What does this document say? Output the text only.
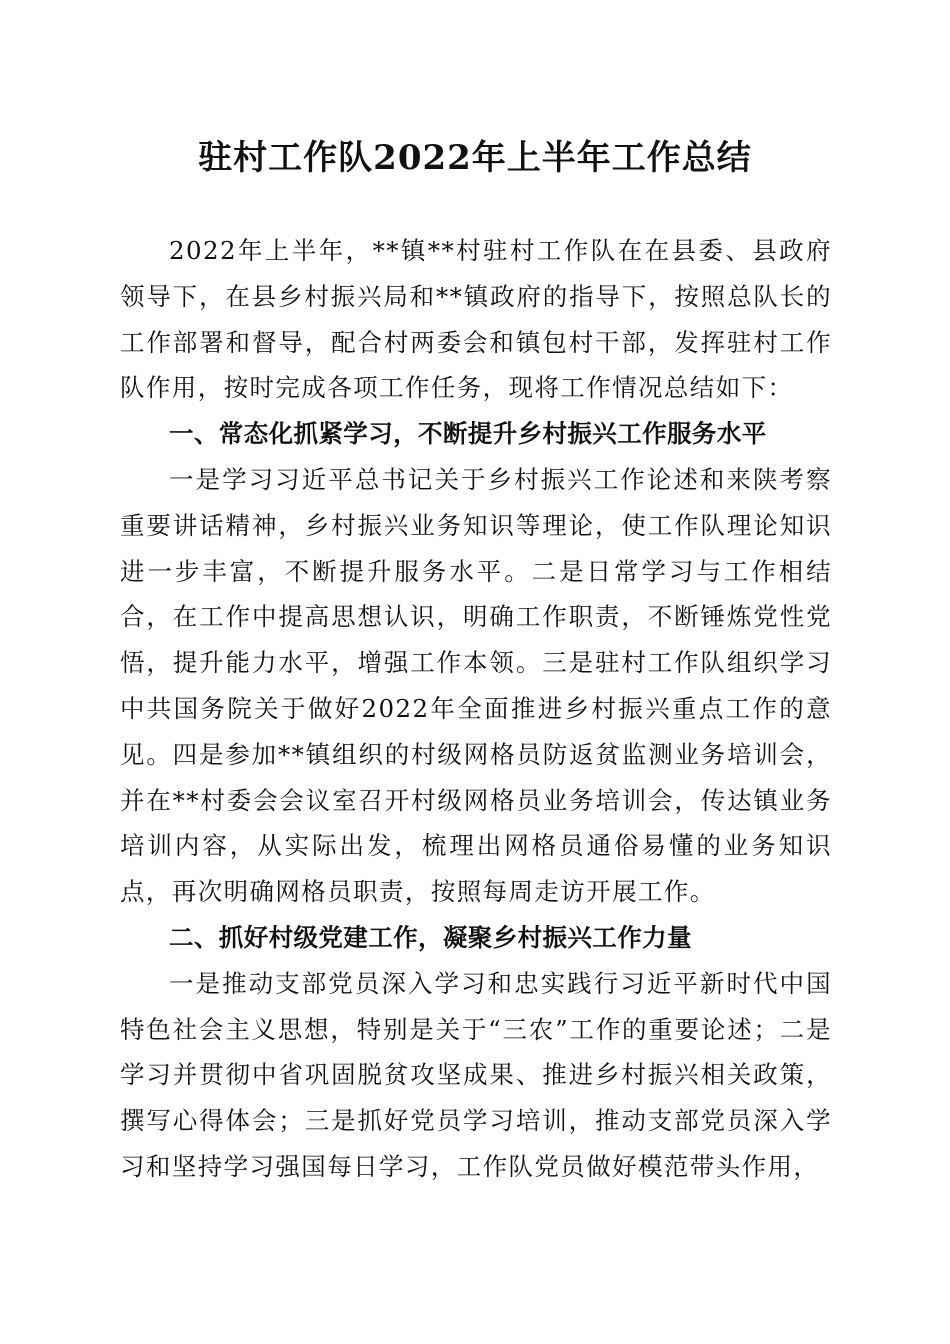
驻村工作队2022年上半年工作总结

2022年上半年，**镇**村驻村工作队在在县委、县政府领导下，在县乡村振兴局和**镇政府的指导下，按照总队长的工作部署和督导，配合村两委会和镇包村干部，发挥驻村工作队作用，按时完成各项工作任务，现将工作情况总结如下：

一、常态化抓紧学习，不断提升乡村振兴工作服务水平

一是学习习近平总书记关于乡村振兴工作论述和来陕考察重要讲话精神，乡村振兴业务知识等理论，使工作队理论知识进一步丰富，不断提升服务水平。二是日常学习与工作相结合，在工作中提高思想认识，明确工作职责，不断锤炼党性党悟，提升能力水平，增强工作本领。三是驻村工作队组织学习中共国务院关于做好2022年全面推进乡村振兴重点工作的意见。四是参加**镇组织的村级网格员防返贫监测业务培训会，并在**村委会会议室召开村级网格员业务培训会，传达镇业务培训内容，从实际出发，梳理出网格员通俗易懂的业务知识点，再次明确网格员职责，按照每周走访开展工作。

二、抓好村级党建工作，凝聚乡村振兴工作力量

一是推动支部党员深入学习和忠实践行习近平新时代中国特色社会主义思想，特别是关于“三农”工作的重要论述；二是学习并贯彻中省巩固脱贫攻坚成果、推进乡村振兴相关政策，撰写心得体会；三是抓好党员学习培训，推动支部党员深入学习和坚持学习强国每日学习，工作队党员做好模范带头作用，
